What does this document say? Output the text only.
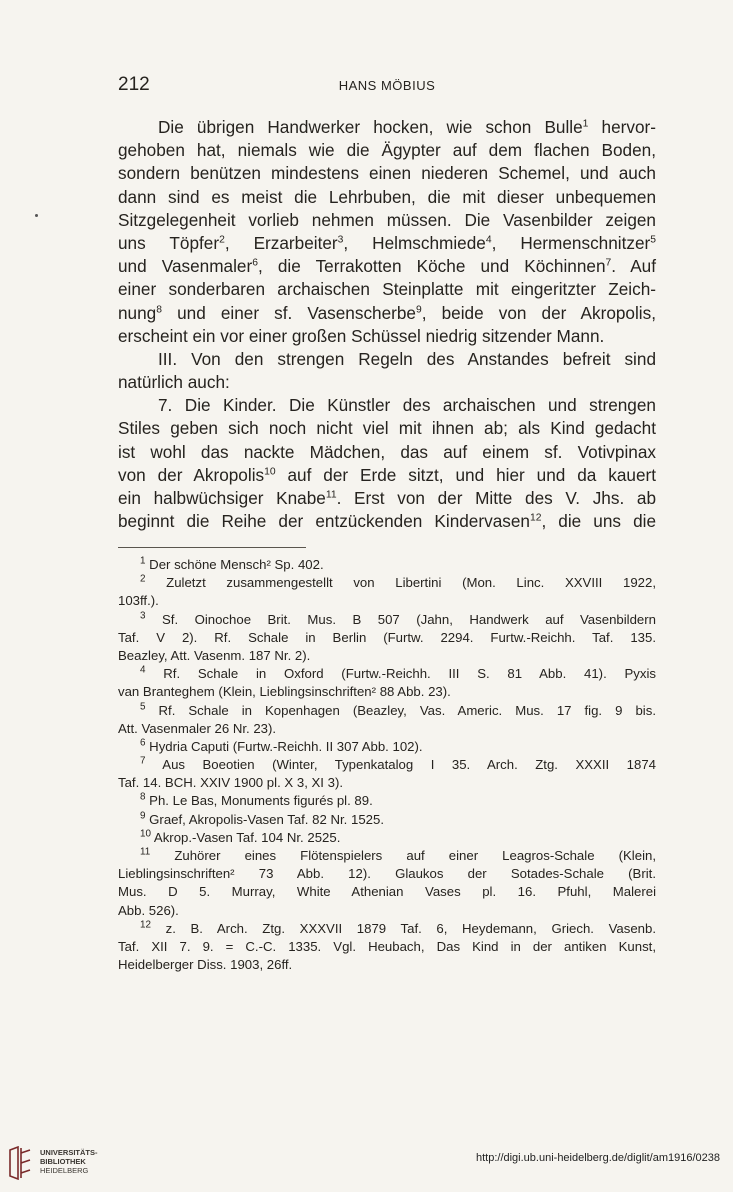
212	HANS MÖBIUS
Die übrigen Handwerker hocken, wie schon Bulle$^1$ hervor-
gehoben hat, niemals wie die Ägypter auf dem flachen Boden,
sondern benützen mindestens einen niederen Schemel, und auch
dann sind es meist die Lehrbuben, die mit dieser unbequemen
Sitzgelegenheit vorlieb nehmen müssen. Die Vasenbilder zeigen
uns Töpfer$^2$, Erzarbeiter$^3$, Helmschmiede$^4$, Hermenschnitzer$^5$
und Vasenmaler$^6$, die Terrakotten Köche und Köchinnen$^7$. Auf
einer sonderbaren archaischen Steinplatte mit eingeritzter Zeich-
nung$^8$ und einer sf. Vasenscherbe$^9$, beide von der Akropolis,
erscheint ein vor einer großen Schüssel niedrig sitzender Mann.
III. Von den strengen Regeln des Anstandes befreit sind
natürlich auch:
7. Die Kinder. Die Künstler des archaischen und strengen
Stiles geben sich noch nicht viel mit ihnen ab; als Kind gedacht
ist wohl das nackte Mädchen, das auf einem sf. Votivpinax
von der Akropolis$^{10}$ auf der Erde sitzt, und hier und da kauert
ein halbwüchsiger Knabe$^{11}$. Erst von der Mitte des V. Jhs. ab
beginnt die Reihe der entzückenden Kindervasen$^{12}$, die uns die
$^1$ Der schöne Mensch² Sp. 402.
$^2$ Zuletzt zusammengestellt von Libertini (Mon. Linc. XXVIII 1922,
103ff.).
$^3$ Sf. Oinochoe Brit. Mus. B 507 (Jahn, Handwerk auf Vasenbildern
Taf. V 2). Rf. Schale in Berlin (Furtw. 2294. Furtw.-Reichh. Taf. 135.
Beazley, Att. Vasenm. 187 Nr. 2).
$^4$ Rf. Schale in Oxford (Furtw.-Reichh. III S. 81 Abb. 41). Pyxis
van Branteghem (Klein, Lieblingsinschriften² 88 Abb. 23).
$^5$ Rf. Schale in Kopenhagen (Beazley, Vas. Americ. Mus. 17 fig. 9 bis.
Att. Vasenmaler 26 Nr. 23).
$^6$ Hydria Caputi (Furtw.-Reichh. II 307 Abb. 102).
$^7$ Aus Boeotien (Winter, Typenkatalog I 35. Arch. Ztg. XXXII 1874
Taf. 14. BCH. XXIV 1900 pl. X 3, XI 3).
$^8$ Ph. Le Bas, Monuments figurés pl. 89.
$^9$ Graef, Akropolis-Vasen Taf. 82 Nr. 1525.
$^{10}$ Akrop.-Vasen Taf. 104 Nr. 2525.
$^{11}$ Zuhörer eines Flötenspielers auf einer Leagros-Schale (Klein,
Lieblingsinschriften² 73 Abb. 12). Glaukos der Sotades-Schale (Brit.
Mus. D 5. Murray, White Athenian Vases pl. 16. Pfuhl, Malerei
Abb. 526).
$^{12}$ z. B. Arch. Ztg. XXXVII 1879 Taf. 6, Heydemann, Griech. Vasenb.
Taf. XII 7. 9. = C.-C. 1335. Vgl. Heubach, Das Kind in der antiken Kunst,
Heidelberger Diss. 1903, 26ff.
UNIVERSITÄTS-
BIBLIOTHEK
HEIDELBERG
http://digi.ub.uni-heidelberg.de/diglit/am1916/0238
